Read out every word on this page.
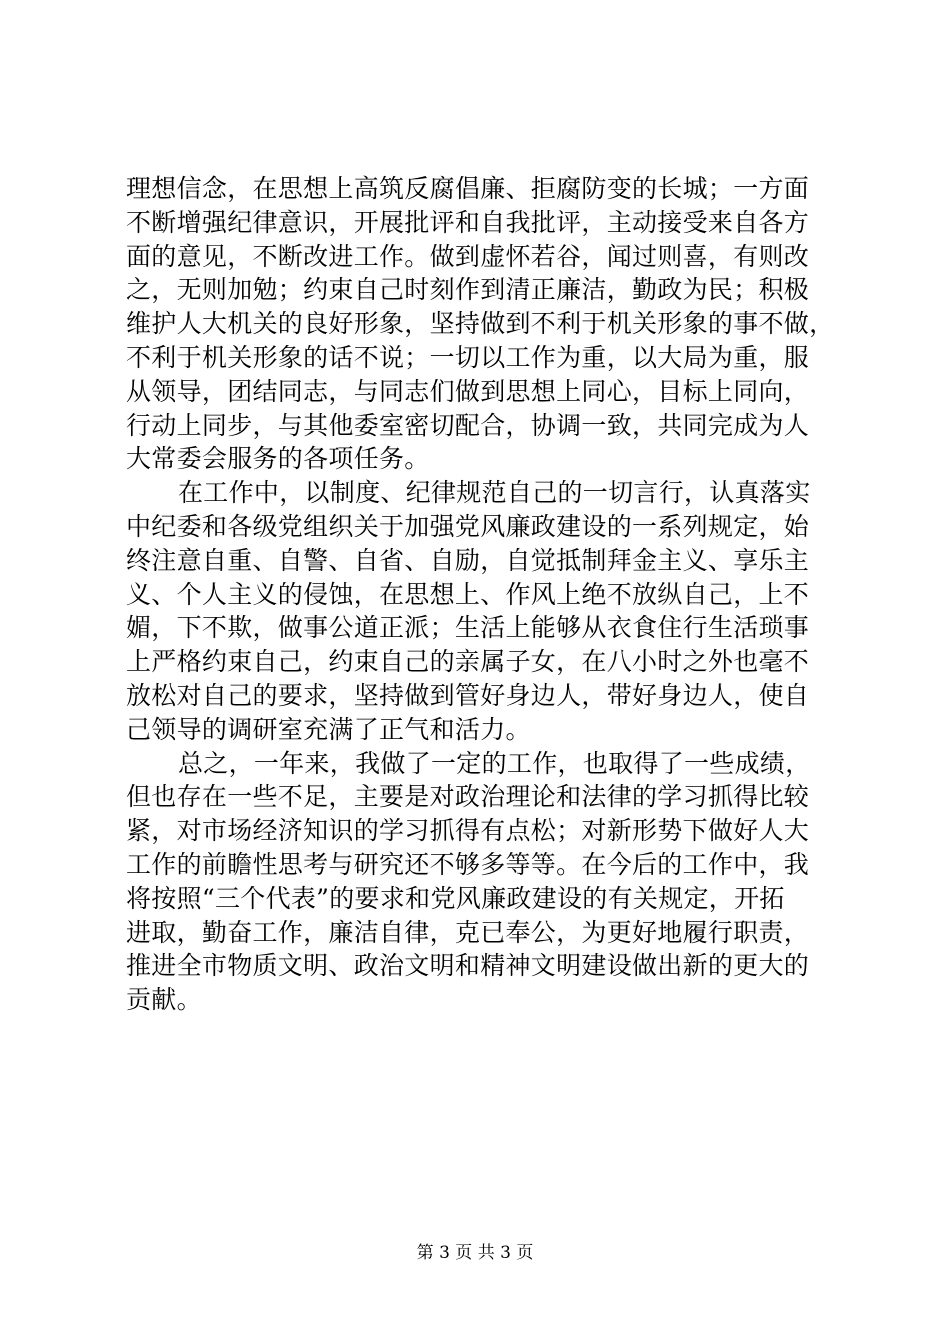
理想信念，在思想上高筑反腐倡廉、拒腐防变的长城；一方面
不断增强纪律意识，开展批评和自我批评，主动接受来自各方
面的意见，不断改进工作。做到虚怀若谷，闻过则喜，有则改
之，无则加勉；约束自己时刻作到清正廉洁，勤政为民；积极
维护人大机关的良好形象，坚持做到不利于机关形象的事不做，
不利于机关形象的话不说；一切以工作为重，以大局为重，服
从领导，团结同志，与同志们做到思想上同心，目标上同向，
行动上同步，与其他委室密切配合，协调一致，共同完成为人
大常委会服务的各项任务。
在工作中，以制度、纪律规范自己的一切言行，认真落实
中纪委和各级党组织关于加强党风廉政建设的一系列规定，始
终注意自重、自警、自省、自励，自觉抵制拜金主义、享乐主
义、个人主义的侵蚀，在思想上、作风上绝不放纵自己，上不
媚，下不欺，做事公道正派；生活上能够从衣食住行生活琐事
上严格约束自己，约束自己的亲属子女，在八小时之外也毫不
放松对自己的要求，坚持做到管好身边人，带好身边人，使自
己领导的调研室充满了正气和活力。
总之，一年来，我做了一定的工作，也取得了一些成绩，
但也存在一些不足，主要是对政治理论和法律的学习抓得比较
紧，对市场经济知识的学习抓得有点松；对新形势下做好人大
工作的前瞻性思考与研究还不够多等等。在今后的工作中，我
将按照“三个代表”的要求和党风廉政建设的有关规定，开拓
进取，勤奋工作，廉洁自律，克已奉公，为更好地履行职责，
推进全市物质文明、政治文明和精神文明建设做出新的更大的
贡献。
第 3 页 共 3 页
